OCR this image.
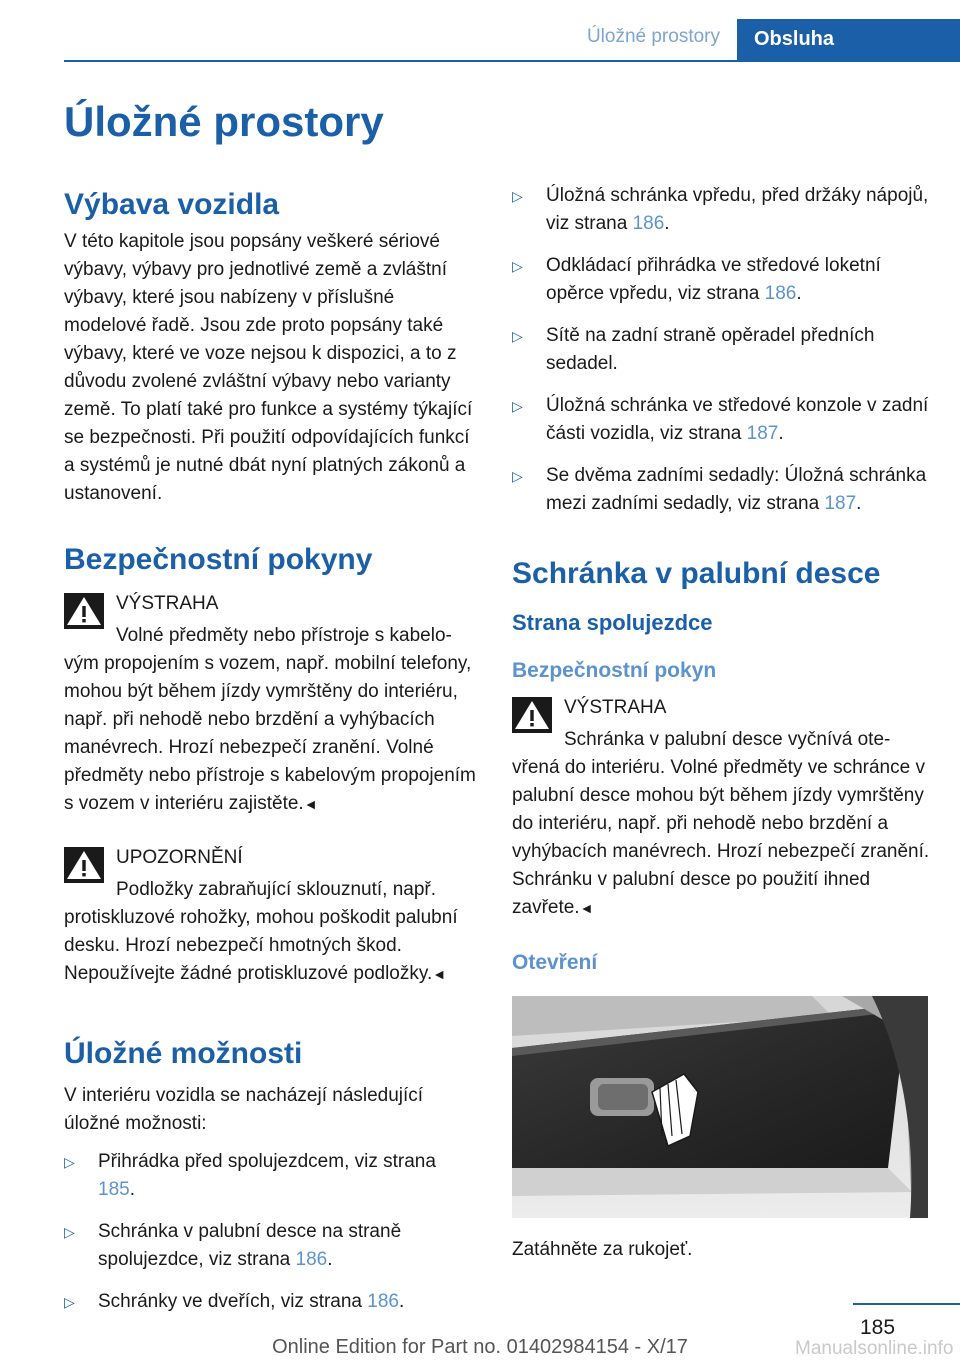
Úložné prostory	Obsluha
Úložné prostory
Výbava vozidla

V této kapitole jsou popsány veškeré sériové výbavy, výbavy pro jednotlivé země a zvláštní výbavy, které jsou nabízeny v příslušné modelové řadě. Jsou zde proto popsány také výbavy, které ve voze nejsou k dispozici, a to z důvodu zvolené zvláštní výbavy nebo varianty země. To platí také pro funkce a systémy týkající se bezpečnosti. Při použití odpovídajících funkcí a systémů je nutné dbát nyní platných zákonů a ustanovení.

Bezpečnostní pokyny

VÝSTRAHA

Volné předměty nebo přístroje s kabelo-

vým propojením s vozem, např. mobilní telefony, mohou být během jízdy vymrštěny do interiéru, např. při nehodě nebo brzdění a vyhýbacích manévrech. Hrozí nebezpečí zranění. Volné předměty nebo přístroje s kabelovým propojením s vozem v interiéru zajistěte.◄

UPOZORNĚNÍ

Podložky zabraňující sklouznutí, např.

protiskluzové rohožky, mohou poškodit palubní desku. Hrozí nebezpečí hmotných škod. Nepoužívejte žádné protiskluzové podložky.◄

Úložné možnosti

V interiéru vozidla se nacházejí následující úložné možnosti:

▷ Přihrádka před spolujezdcem, viz strana 185.
▷ Schránka v palubní desce na straně spolujezdce, viz strana 186.
▷ Schránky ve dveřích, viz strana 186.
▷ Úložná schránka vpředu, před držáky nápojů, viz strana 186.
▷ Odkládací přihrádka ve středové loketní opěrce vpředu, viz strana 186.
▷ Sítě na zadní straně opěradel předních sedadel.
▷ Úložná schránka ve středové konzole v zadní části vozidla, viz strana 187.
▷ Se dvěma zadními sedadly: Úložná schránka mezi zadními sedadly, viz strana 187.
Schránka v palubní desce
Strana spolujezdce
Bezpečnostní pokyn

VÝSTRAHA

Schránka v palubní desce vyčnívá ote-

vřená do interiéru. Volné předměty ve schránce v palubní desce mohou být během jízdy vymrštěny do interiéru, např. při nehodě nebo brzdění a vyhýbacích manévrech. Hrozí nebezpečí zranění. Schránku v palubní desce po použití ihned zavřete.◄

Otevření

Zatáhněte za rukojeť.

185
Manualsonline.info
Online Edition for Part no. 01402984154 - X/17
